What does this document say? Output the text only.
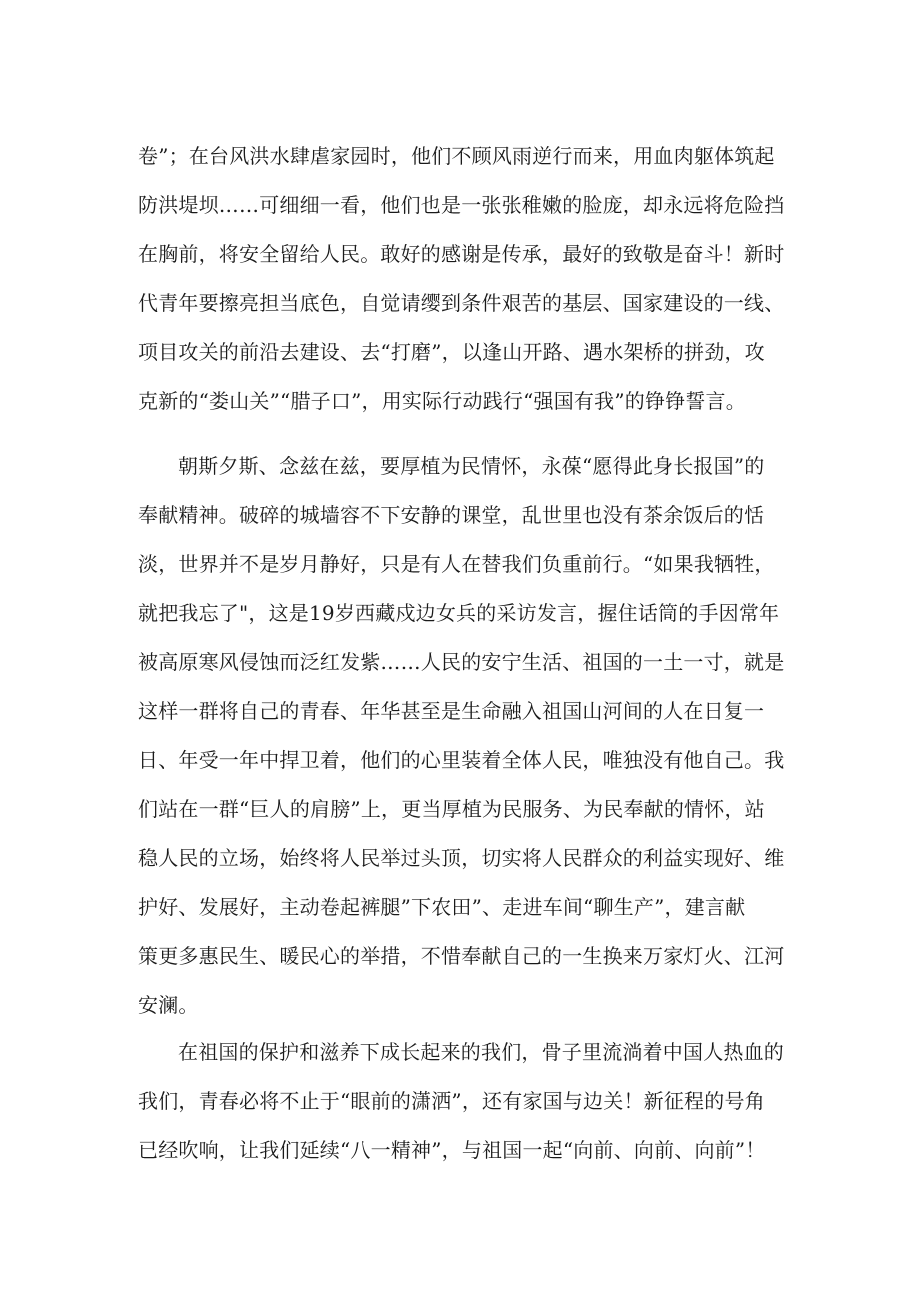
卷”；在台风洪水肆虐家园时，他们不顾风雨逆行而来，用血肉躯体筑起
防洪堤坝……可细细一看，他们也是一张张稚嫩的脸庞，却永远将危险挡
在胸前，将安全留给人民。敢好的感谢是传承，最好的致敬是奋斗！新时
代青年要擦亮担当底色，自觉请缨到条件艰苦的基层、国家建设的一线、
项目攻关的前沿去建设、去“打磨”，以逢山开路、遇水架桥的拼劲，攻
克新的“娄山关”“腊子口”，用实际行动践行“强国有我”的铮铮誓言。
朝斯夕斯、念兹在兹，要厚植为民情怀，永葆“愿得此身长报国”的
奉献精神。破碎的城墙容不下安静的课堂，乱世里也没有茶余饭后的恬
淡，世界并不是岁月静好，只是有人在替我们负重前行。“如果我牺牲，
就把我忘了"，这是19岁西藏戍边女兵的采访发言，握住话筒的手因常年
被高原寒风侵蚀而泛红发紫……人民的安宁生活、祖国的一土一寸，就是
这样一群将自己的青春、年华甚至是生命融入祖国山河间的人在日复一
日、年受一年中捍卫着，他们的心里装着全体人民，唯独没有他自己。我
们站在一群“巨人的肩膀”上，更当厚植为民服务、为民奉献的情怀，站
稳人民的立场，始终将人民举过头顶，切实将人民群众的利益实现好、维
护好、发展好，主动卷起裤腿”下农田”、走进车间“聊生产”，建言献
策更多惠民生、暖民心的举措，不惜奉献自己的一生换来万家灯火、江河
安澜。
在祖国的保护和滋养下成长起来的我们，骨子里流淌着中国人热血的
我们，青春必将不止于“眼前的潇洒”，还有家国与边关！新征程的号角
已经吹响，让我们延续“八一精神”，与祖国一起“向前、向前、向前”！
